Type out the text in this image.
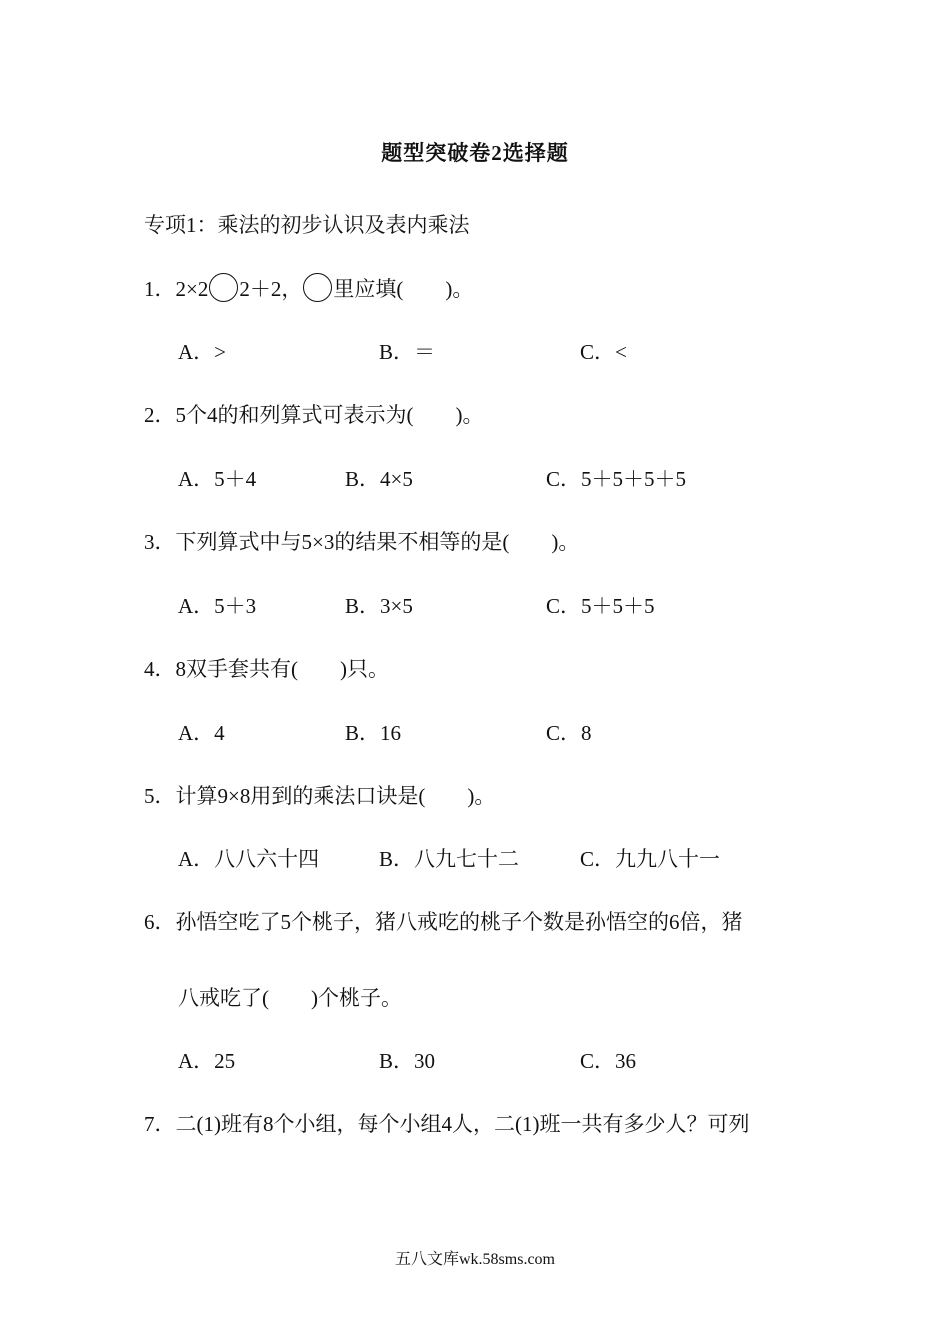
题型突破卷2选择题
专项1：乘法的初步认识及表内乘法
1．2×2 2＋2， 里应填(　　)。
A．>	B．＝	C．<
2．5个4的和列算式可表示为(　　)。
A．5＋4	B．4×5	C．5＋5＋5＋5
3．下列算式中与5×3的结果不相等的是(　　)。
A．5＋3	B．3×5	C．5＋5＋5
4．8双手套共有(　　)只。
A．4	B．16	C．8
5．计算9×8用到的乘法口诀是(　　)。
A．八八六十四	B．八九七十二	C．九九八十一
6．孙悟空吃了5个桃子，猪八戒吃的桃子个数是孙悟空的6倍，猪
八戒吃了(　　)个桃子。
A．25	B．30	C．36
7．二(1)班有8个小组，每个小组4人，二(1)班一共有多少人？可列
五八文库wk.58sms.com
